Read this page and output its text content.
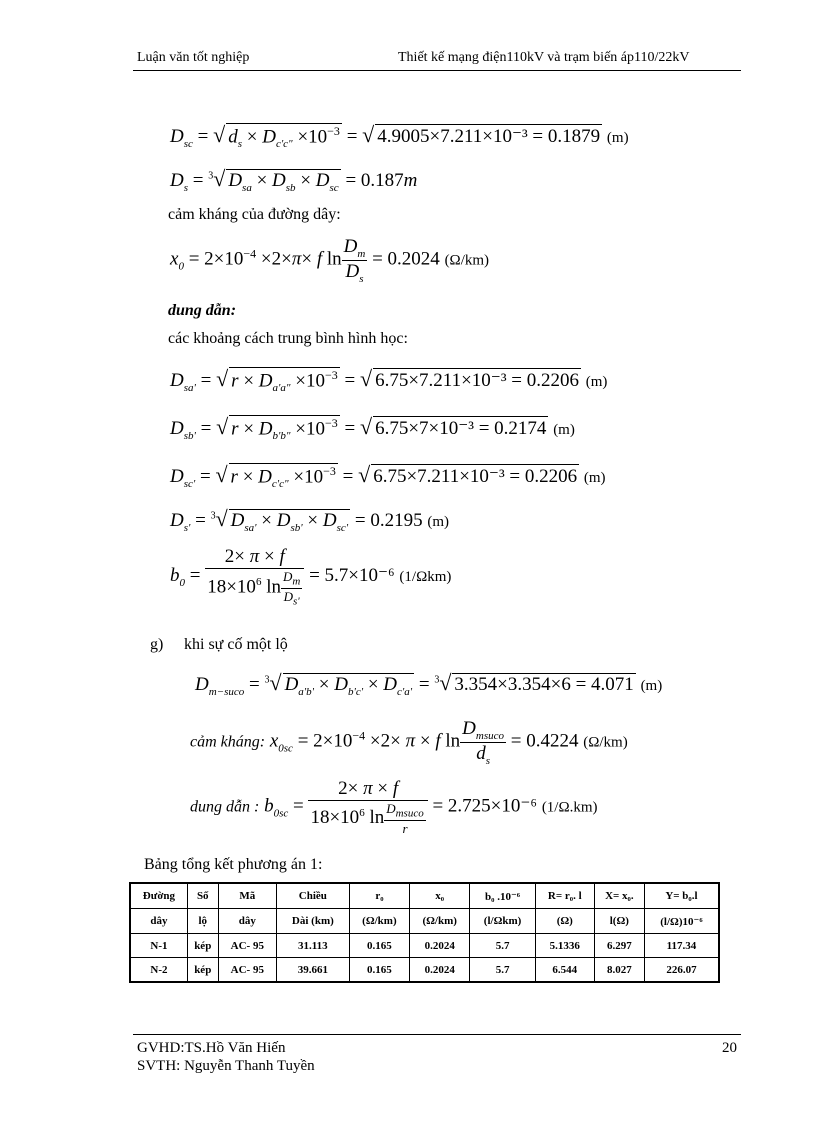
Luận văn tốt nghiệp	Thiết kế mạng điện110kV và trạm biến áp110/22kV
$D_{sc}$ = √ $d_s \times D_{c'c"} \times 10^{-3}$ = √ 4.9005×7.211×10⁻³ = 0.1879 (m)
$D_s = ^3√$ $D_{sa} \times D_{sb} \times D_{sc} = 0.187m$
cảm kháng của đường dây:
$x_0 = 2\times 10^{-4} \times 2\times\pi\times f$ $\ln \frac{D_m}{D_s} = 0.2024$ (Ω/km)
dung dẫn:
các khoảng cách trung bình hình học:
$D_{sa'}$ = √ $r \times D_{a'a"} \times 10^{-3}$ = √ 6.75×7.211×10⁻³ = 0.2206 (m)
$D_{sb'}$ = √ $r \times D_{b'b"} \times 10^{-3}$ = √ 6.75×7×10⁻³ = 0.2174 (m)
$D_{sc'}$ = √ $r \times D_{c'c"} \times 10^{-3}$ = √ 6.75×7.211×10⁻³ = 0.2206 (m)
$D_{s'} = ^3√$ $D_{sa'} \times D_{sb'} \times D_{sc'} = 0.2195$ (m)
$b_0 = \frac{2\times \pi \times f}{18\times 10^6 \ln \frac{D_m}{D_{s'}}} = 5.7\times 10^{-6}$ (1/Ωkm)
g) khi sự cố một lộ
$D_{m-suco} = ^3√$ $D_{a'b'} \times D_{b'c'} \times D_{c'a'} = ^3√$ 3.354×3.354×6 = 4.071 (m)
cảm kháng: $x_{0sc} = 2\times 10^{-4} \times 2\times \pi \times f$ $\ln \frac{D_{msuco}}{d_s} = 0.4224$ (Ω/km)
dung dẫn : $b_{0sc} = \frac{2\times \pi \times f}{18\times 10^6 \ln \frac{D_{msuco}}{r}} = 2.725\times 10^{-6}$ (1/Ω.km)
Bảng tổng kết phương án 1:
Đường	Số	Mã	Chiều	r₀	x₀	b₀ .10⁻⁶	R= r₀. l	X= x₀.	Y= b₀.l
dây	lộ	dây	Dài (km)	(Ω/km)	(Ω/km)	(l/Ωkm)	(Ω)	l(Ω)	(l/Ω)10⁻⁶
N-1	kép	AC- 95	31.113	0.165	0.2024	5.7	5.1336	6.297	117.34
N-2	kép	AC- 95	39.661	0.165	0.2024	5.7	6.544	8.027	226.07
GVHD:TS.Hồ Văn Hiến
SVTH: Nguyễn Thanh Tuyền
20
